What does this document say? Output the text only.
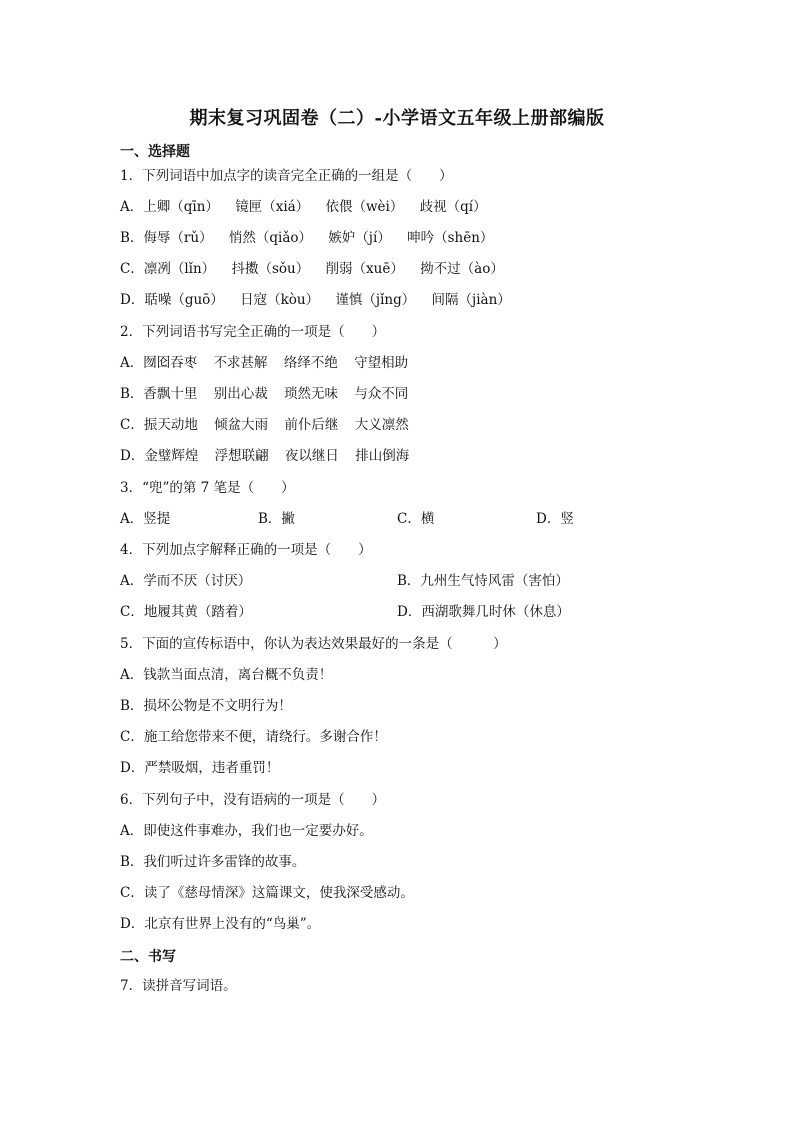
期末复习巩固卷（二）-小学语文五年级上册部编版
一、选择题
1．下列词语中加点字的读音完全正确的一组是（　　）
A．上卿（qīn） 镜匣（xiá） 依偎（wèi） 歧视（qí）
B．侮辱（rǔ） 悄然（qiǎo） 嫉妒（jí） 呻吟（shēn）
C．凛冽（lǐn） 抖擞（sǒu） 削弱（xuē） 拗不过（ào）
D．聒噪（guō） 日寇（kòu） 谨慎（jǐng） 间隔（jiàn）
2．下列词语书写完全正确的一项是（　　）
A．囫囵吞枣 不求甚解 络绎不绝 守望相助
B．香飘十里 别出心裁 琐然无味 与众不同
C．振天动地 倾盆大雨 前仆后继 大义凛然
D．金璧辉煌 浮想联翩 夜以继日 排山倒海
3．“兜”的第 7 笔是（　　）
A．竖提	B．撇	C．横	D．竖
4．下列加点字解释正确的一项是（　　）
A．学而不厌（讨厌）	B．九州生气恃风雷（害怕）
C．地履其黄（踏着）	D．西湖歌舞几时休（休息）
5．下面的宣传标语中，你认为表达效果最好的一条是（　　　）
A．钱款当面点清，离台概不负责！
B．损坏公物是不文明行为！
C．施工给您带来不便，请绕行。多谢合作！
D．严禁吸烟，违者重罚！
6．下列句子中，没有语病的一项是（　　）
A．即使这件事难办，我们也一定要办好。
B．我们听过许多雷锋的故事。
C．读了《慈母情深》这篇课文，使我深受感动。
D．北京有世界上没有的“鸟巢”。
二、书写
7．读拼音写词语。
